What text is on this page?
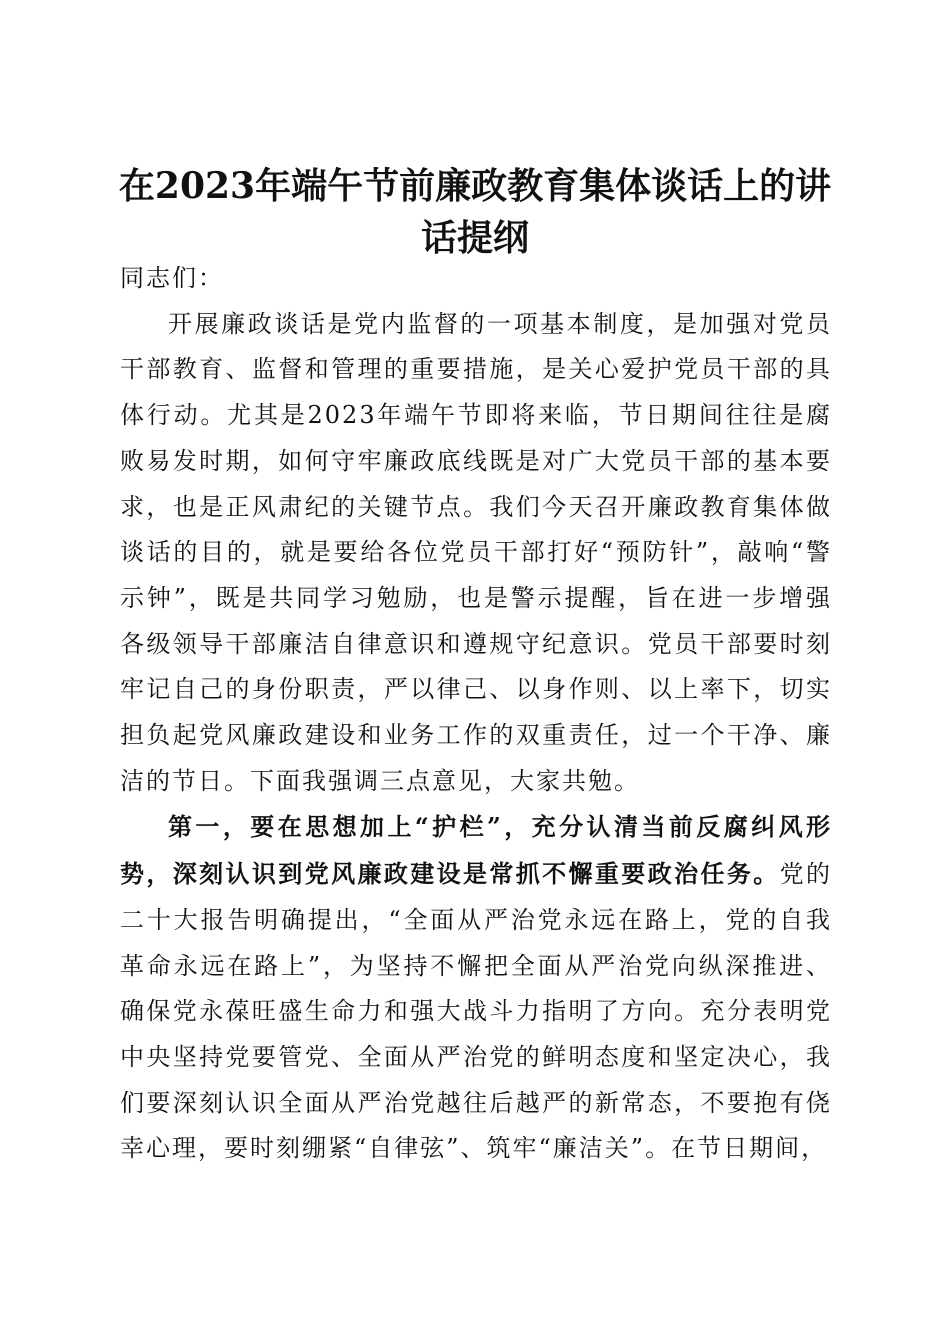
在2023年端午节前廉政教育集体谈话上的讲话提纲

同志们：

开展廉政谈话是党内监督的一项基本制度，是加强对党员干部教育、监督和管理的重要措施，是关心爱护党员干部的具体行动。尤其是2023年端午节即将来临，节日期间往往是腐败易发时期，如何守牢廉政底线既是对广大党员干部的基本要求，也是正风肃纪的关键节点。我们今天召开廉政教育集体做谈话的目的，就是要给各位党员干部打好“预防针”，敲响“警示钟”，既是共同学习勉励，也是警示提醒，旨在进一步增强各级领导干部廉洁自律意识和遵规守纪意识。党员干部要时刻牢记自己的身份职责，严以律己、以身作则、以上率下，切实担负起党风廉政建设和业务工作的双重责任，过一个干净、廉洁的节日。下面我强调三点意见，大家共勉。

第一，要在思想加上“护栏”，充分认清当前反腐纠风形势，深刻认识到党风廉政建设是常抓不懈重要政治任务。党的二十大报告明确提出，“全面从严治党永远在路上，党的自我革命永远在路上”，为坚持不懈把全面从严治党向纵深推进、确保党永葆旺盛生命力和强大战斗力指明了方向。充分表明党中央坚持党要管党、全面从严治党的鲜明态度和坚定决心，我们要深刻认识全面从严治党越往后越严的新常态，不要抱有侥幸心理，要时刻绷紧“自律弦”、筑牢“廉洁关”。在节日期间，
